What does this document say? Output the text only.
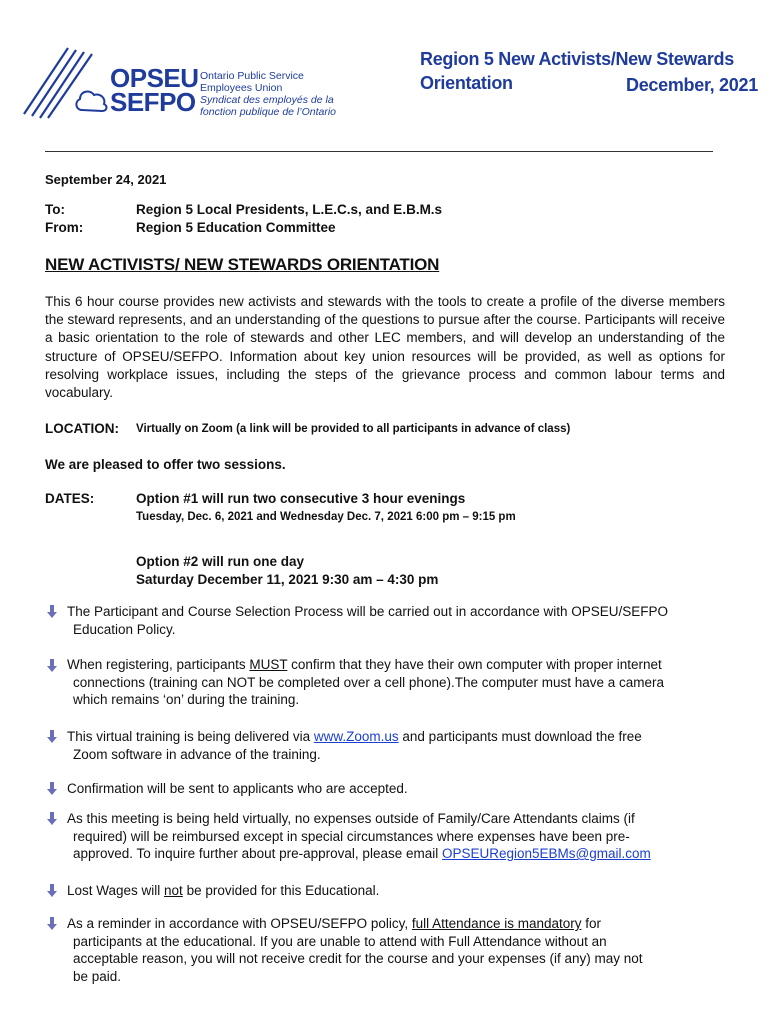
OPSEU
SEFPO
Ontario Public Service
Employees Union
Syndicat des employés de la
fonction publique de l’Ontario
Region 5 New Activists/New Stewards
Orientation	December, 2021
September 24, 2021
To:	Region 5 Local Presidents, L.E.C.s, and E.B.M.s
From:	Region 5 Education Committee
NEW ACTIVISTS/ NEW STEWARDS ORIENTATION
This 6 hour course provides new activists and stewards with the tools to create a profile of the diverse members the steward represents, and an understanding of the questions to pursue after the course. Participants will receive a basic orientation to the role of stewards and other LEC members, and will develop an understanding of the structure of OPSEU/SEFPO. Information about key union resources will be provided, as well as options for resolving workplace issues, including the steps of the grievance process and common labour terms and vocabulary.
LOCATION: Virtually on Zoom (a link will be provided to all participants in advance of class)
We are pleased to offer two sessions.
DATES:	Option #1 will run two consecutive 3 hour evenings
Tuesday, Dec. 6, 2021 and Wednesday Dec. 7, 2021 6:00 pm – 9:15 pm
Option #2 will run one day
Saturday December 11, 2021 9:30 am – 4:30 pm
The Participant and Course Selection Process will be carried out in accordance with OPSEU/SEFPO
Education Policy.
When registering, participants MUST confirm that they have their own computer with proper internet
connections (training can NOT be completed over a cell phone).The computer must have a camera
which remains ‘on’ during the training.
This virtual training is being delivered via www.Zoom.us and participants must download the free
Zoom software in advance of the training.
Confirmation will be sent to applicants who are accepted.
As this meeting is being held virtually, no expenses outside of Family/Care Attendants claims (if
required) will be reimbursed except in special circumstances where expenses have been pre-
approved. To inquire further about pre-approval, please email OPSEURegion5EBMs@gmail.com
Lost Wages will not be provided for this Educational.
As a reminder in accordance with OPSEU/SEFPO policy, full Attendance is mandatory for
participants at the educational. If you are unable to attend with Full Attendance without an
acceptable reason, you will not receive credit for the course and your expenses (if any) may not
be paid.
